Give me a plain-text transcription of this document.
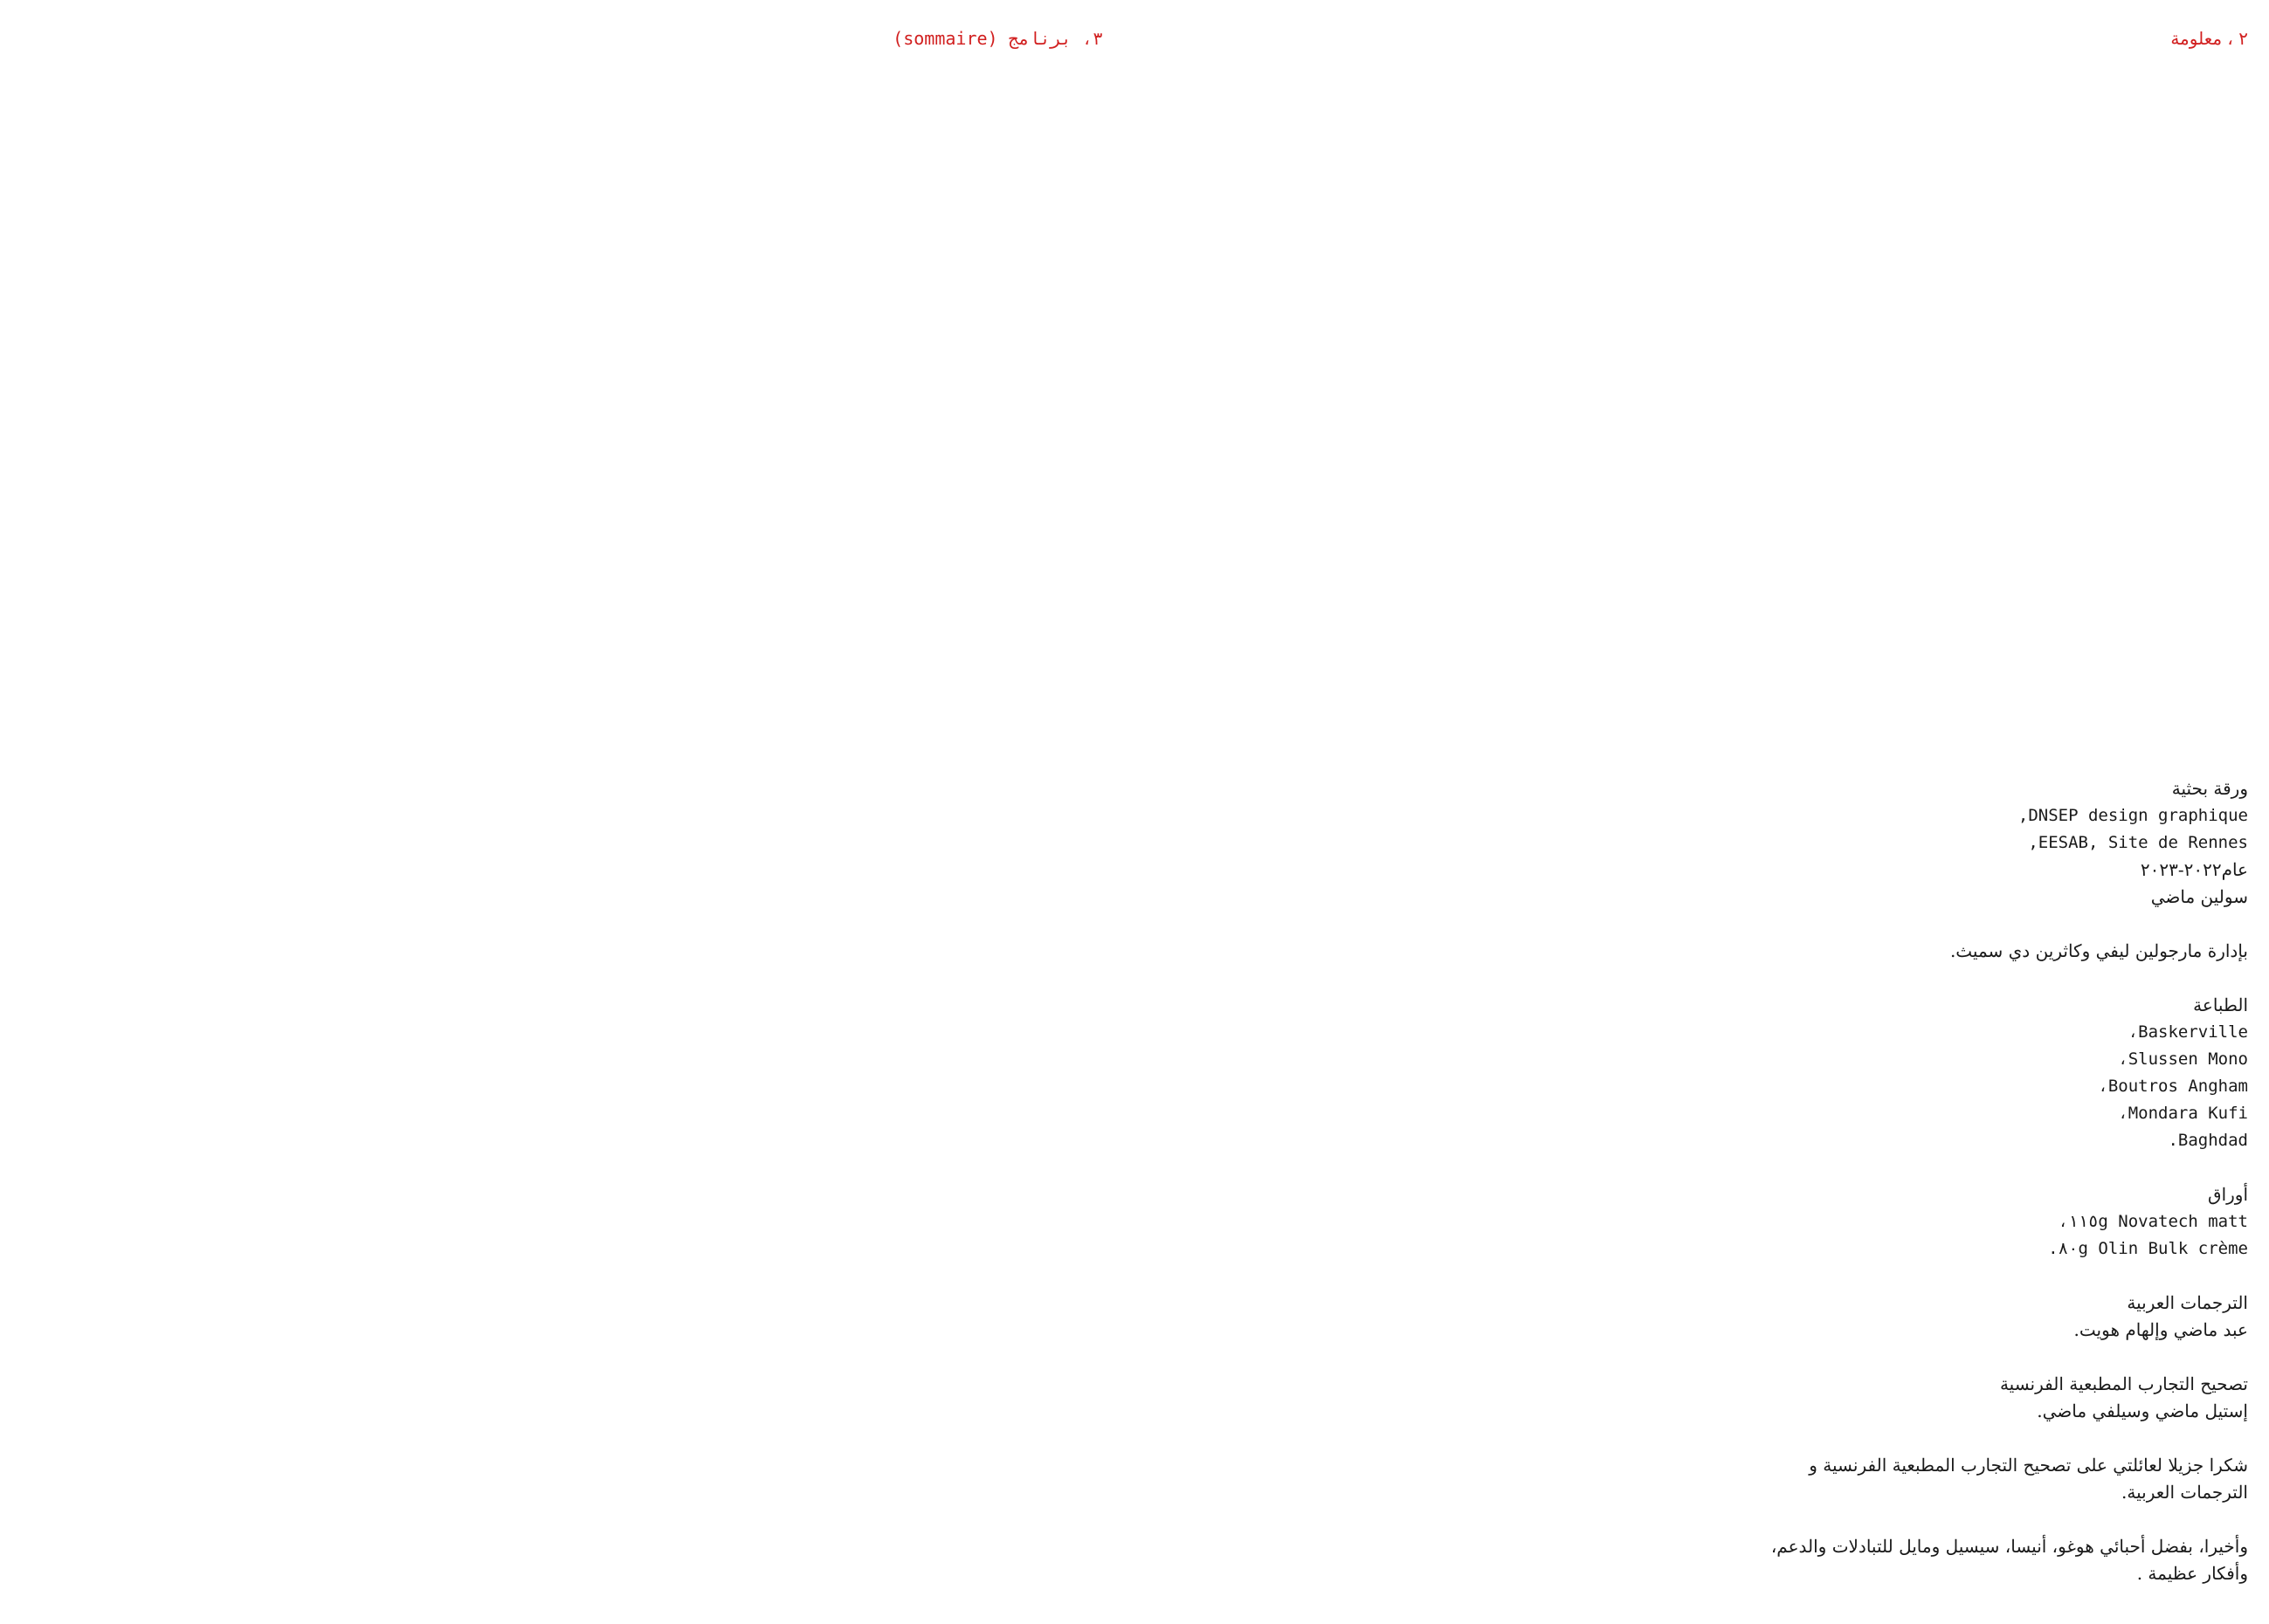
٣، برنامج (sommaire)	٢ ، معلومة
ورقة بحثية
DNSEP design graphique,
EESAB, Site de Rennes,
عام٢٠٢٢-٢٠٢٣
سولين ماضي
بإدارة مارجولين ليفي وكاثرين دي سميث.
الطباعة
Baskerville،
Slussen Mono،
Boutros Angham،
Mondara Kufi،
Baghdad.
أوراق
Novatech matt ١١٥g،
Olin Bulk crème ٨٠g.
الترجمات العربية
عبد ماضي وإلهام هويت.
تصحيح التجارب المطبعية الفرنسية
إستيل ماضي وسيلفي ماضي.
شكرا جزيلا لعائلتي على تصحيح التجارب المطبعية الفرنسية و
الترجمات العربية.
وأخيرا، بفضل أحبائي هوغو، أنيسا، سيسيل ومايل للتبادلات والدعم،
وأفكار عظيمة .
